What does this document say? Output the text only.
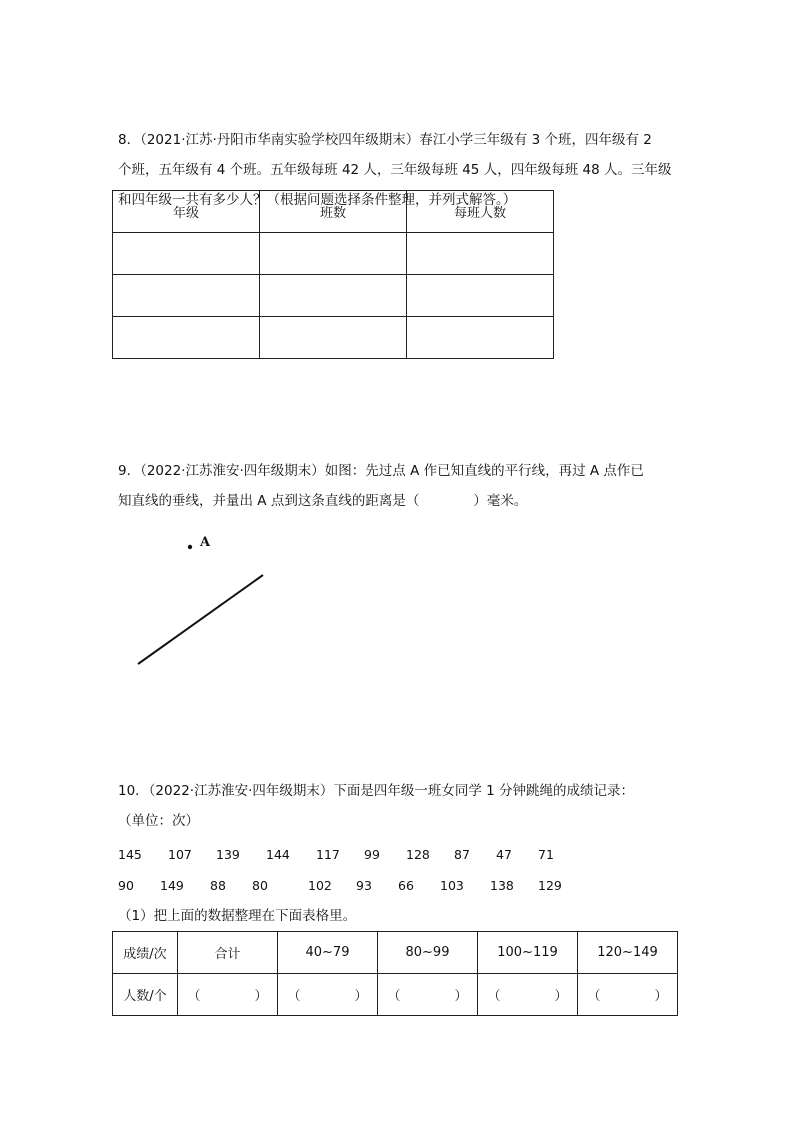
8．（2021·江苏·丹阳市华南实验学校四年级期末）春江小学三年级有 3 个班，四年级有 2
个班，五年级有 4 个班。五年级每班 42 人，三年级每班 45 人，四年级每班 48 人。三年级
和四年级一共有多少人？（根据问题选择条件整理，并列式解答。）
年级	班数	每班人数

9．（2022·江苏淮安·四年级期末）如图：先过点 A 作已知直线的平行线，再过 A 点作已
知直线的垂线，并量出 A 点到这条直线的距离是（　　　　）毫米。
A
10．（2022·江苏淮安·四年级期末）下面是四年级一班女同学 1 分钟跳绳的成绩记录：
（单位：次）
145 107 139 144 117 99 128 87 47 71
90 149 88 80	102 93 66 103 138 129
（1）把上面的数据整理在下面表格里。
成绩/次	合计	40~79	80~99	100~119	120~149
人数/个	（ ）	（ ）	（ ）	（ ）	（ ）
